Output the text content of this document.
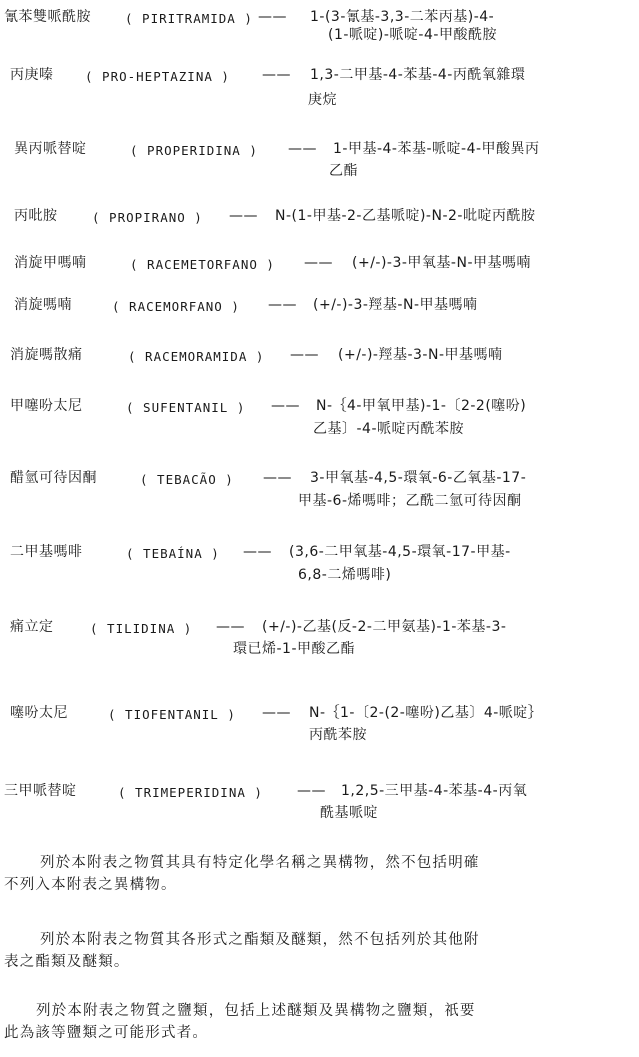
氰苯雙哌酰胺	( PIRITRAMIDA ) —— 1-(3-氰基-3,3-二苯丙基)-4-
(1-哌啶)-哌啶-4-甲酸酰胺
丙庚嗪	( PRO-HEPTAZINA ) —— 1,3-二甲基-4-苯基-4-丙酰氧雜環
庚烷
異丙哌替啶	( PROPERIDINA ) —— 1-甲基-4-苯基-哌啶-4-甲酸異丙
乙酯
丙吡胺	( PROPIRANO ) —— N-(1-甲基-2-乙基哌啶)-N-2-吡啶丙酰胺
消旋甲嗎喃	( RACEMETORFANO ) —— (+/-)-3-甲氧基-N-甲基嗎喃
消旋嗎喃	( RACEMORFANO ) —— (+/-)-3-羥基-N-甲基嗎喃
消旋嗎散痛	( RACEMORAMIDA ) —— (+/-)-羥基-3-N-甲基嗎喃
甲噻吩太尼	( SUFENTANIL ) —— N-｛4-甲氧甲基)-1-〔2-2(噻吩)
乙基〕-4-哌啶丙酰苯胺
醋氫可待因酮	( TEBACÃO ) —— 3-甲氧基-4,5-環氧-6-乙氧基-17-
甲基-6-烯嗎啡；乙酰二氫可待因酮
二甲基嗎啡	( TEBAÍNA ) —— (3,6-二甲氧基-4,5-環氧-17-甲基-
6,8-二烯嗎啡)
痛立定	( TILIDINA ) —— (+/-)-乙基(反-2-二甲氨基)-1-苯基-3-
環已烯-1-甲酸乙酯
噻吩太尼	( TIOFENTANIL ) —— N-｛1-〔2-(2-噻吩)乙基〕4-哌啶｝
丙酰苯胺
三甲哌替啶	( TRIMEPERIDINA ) —— 1,2,5-三甲基-4-苯基-4-丙氧
酰基哌啶
列於本附表之物質其具有特定化學名稱之異構物，然不包括明確
不列入本附表之異構物。
列於本附表之物質其各形式之酯類及醚類，然不包括列於其他附
表之酯類及醚類。
列於本附表之物質之鹽類，包括上述醚類及異構物之鹽類，祇要
此為該等鹽類之可能形式者。
